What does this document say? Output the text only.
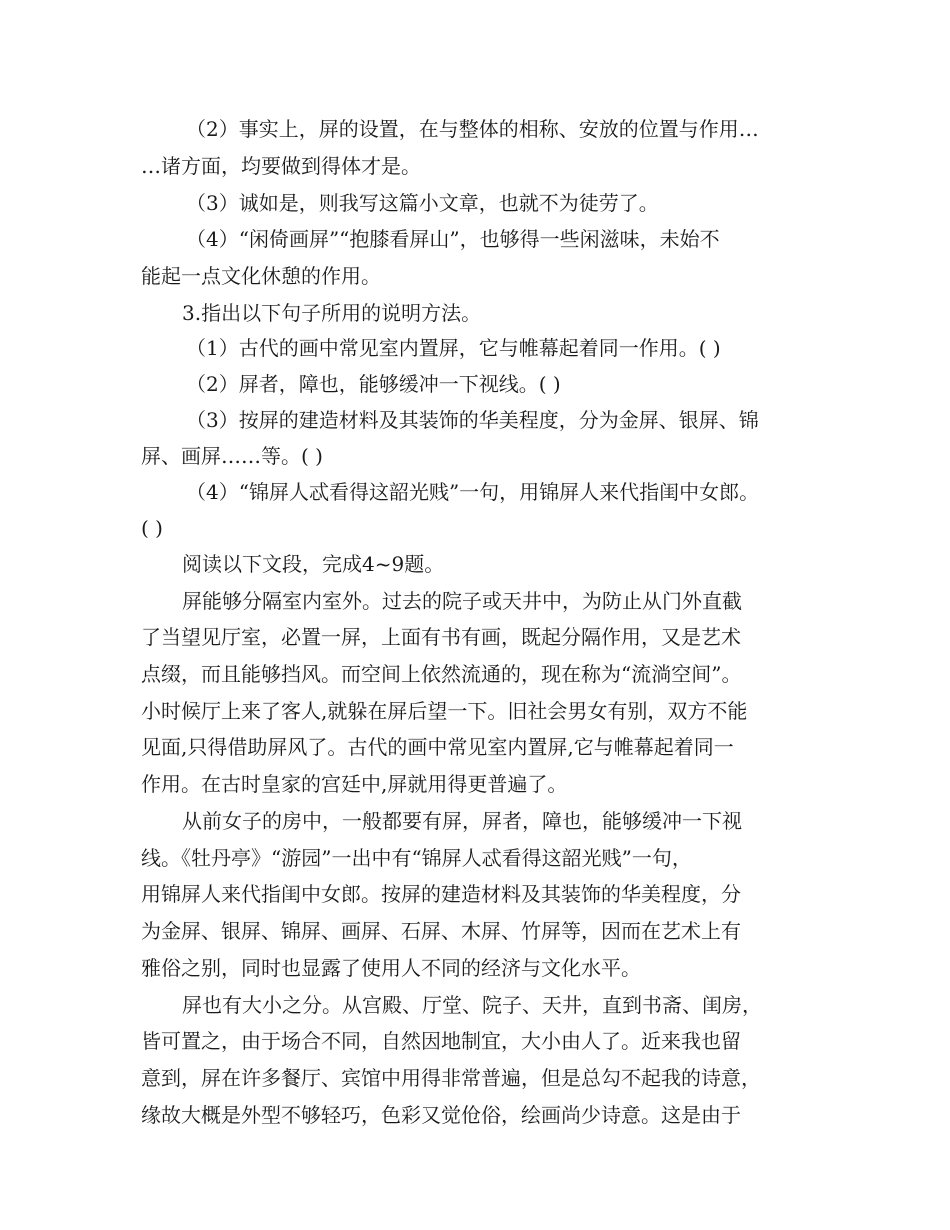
（2）事实上，屏的设置，在与整体的相称、安放的位置与作用…
…诸方面，均要做到得体才是。
（3）诚如是，则我写这篇小文章，也就不为徒劳了。
（4）“闲倚画屏”“抱膝看屏山”，也够得一些闲滋味，未始不
能起一点文化休憩的作用。
3.指出以下句子所用的说明方法。
（1）古代的画中常见室内置屏，它与帷幕起着同一作用。( )
（2）屏者，障也，能够缓冲一下视线。( )
（3）按屏的建造材料及其装饰的华美程度，分为金屏、银屏、锦
屏、画屏……等。( )
（4）“锦屏人忒看得这韶光贱”一句，用锦屏人来代指闺中女郎。
( )
阅读以下文段，完成4~9题。
屏能够分隔室内室外。过去的院子或天井中，为防止从门外直截
了当望见厅室，必置一屏，上面有书有画，既起分隔作用，又是艺术
点缀，而且能够挡风。而空间上依然流通的，现在称为“流淌空间”。
小时候厅上来了客人,就躲在屏后望一下。旧社会男女有别，双方不能
见面,只得借助屏风了。古代的画中常见室内置屏,它与帷幕起着同一
作用。在古时皇家的宫廷中,屏就用得更普遍了。
从前女子的房中，一般都要有屏，屏者，障也，能够缓冲一下视
线。《牡丹亭》“游园”一出中有“锦屏人忒看得这韶光贱”一句，
用锦屏人来代指闺中女郎。按屏的建造材料及其装饰的华美程度，分
为金屏、银屏、锦屏、画屏、石屏、木屏、竹屏等，因而在艺术上有
雅俗之别，同时也显露了使用人不同的经济与文化水平。
屏也有大小之分。从宫殿、厅堂、院子、天井，直到书斋、闺房，
皆可置之，由于场合不同，自然因地制宜，大小由人了。近来我也留
意到，屏在许多餐厅、宾馆中用得非常普遍，但是总勾不起我的诗意，
缘故大概是外型不够轻巧，色彩又觉伧俗，绘画尚少诗意。这是由于
